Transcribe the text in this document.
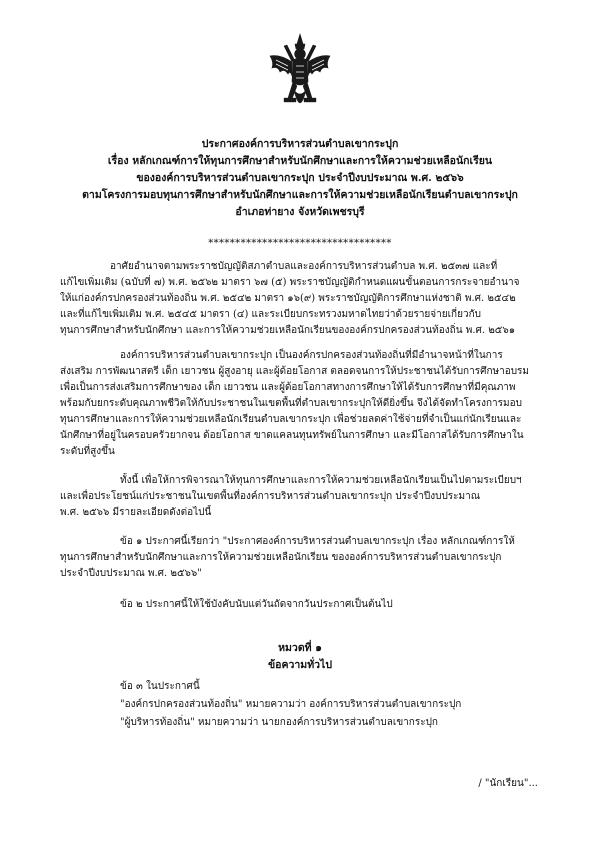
ประกาศองค์การบริหารส่วนตำบลเขากระปุก
เรื่อง หลักเกณฑ์การให้ทุนการศึกษาสำหรับนักศึกษาและการให้ความช่วยเหลือนักเรียน
ขององค์การบริหารส่วนตำบลเขากระปุก ประจำปีงบประมาณ พ.ศ. ๒๕๖๖
ตามโครงการมอบทุนการศึกษาสำหรับนักศึกษาและการให้ความช่วยเหลือนักเรียนตำบลเขากระปุก
อำเภอท่ายาง จังหวัดเพชรบุรี
**********************************
อาศัยอำนาจตามพระราชบัญญัติสภาตำบลและองค์การบริหารส่วนตำบล พ.ศ. ๒๕๓๗ และที่
แก้ไขเพิ่มเติม (ฉบับที่ ๗) พ.ศ. ๒๕๖๒ มาตรา ๖๗ (๕) พระราชบัญญัติกำหนดแผนขั้นตอนการกระจายอำนาจ
ให้แก่องค์กรปกครองส่วนท้องถิ่น พ.ศ. ๒๕๔๒ มาตรา ๑๖(๙) พระราชบัญญัติการศึกษาแห่งชาติ พ.ศ. ๒๕๔๒
และที่แก้ไขเพิ่มเติม พ.ศ. ๒๕๔๕ มาตรา (๔) และระเบียบกระทรวงมหาดไทยว่าด้วยรายจ่ายเกี่ยวกับ
ทุนการศึกษาสำหรับนักศึกษา และการให้ความช่วยเหลือนักเรียนขององค์กรปกครองส่วนท้องถิ่น พ.ศ. ๒๕๖๑
องค์การบริหารส่วนตำบลเขากระปุก เป็นองค์กรปกครองส่วนท้องถิ่นที่มีอำนาจหน้าที่ในการ
ส่งเสริม การพัฒนาสตรี เด็ก เยาวชน ผู้สูงอายุ และผู้ด้อยโอกาส ตลอดจนการให้ประชาชนได้รับการศึกษาอบรม
เพื่อเป็นการส่งเสริมการศึกษาของ เด็ก เยาวชน และผู้ด้อยโอกาสทางการศึกษาให้ได้รับการศึกษาที่มีคุณภาพ
พร้อมกับยกระดับคุณภาพชีวิตให้กับประชาชนในเขตพื้นที่ตำบลเขากระปุกให้ดียิ่งขึ้น จึงได้จัดทำโครงการมอบ
ทุนการศึกษาและการให้ความช่วยเหลือนักเรียนตำบลเขากระปุก เพื่อช่วยลดค่าใช้จ่ายที่จำเป็นแก่นักเรียนและ
นักศึกษาที่อยู่ในครอบครัวยากจน ด้อยโอกาส ขาดแคลนทุนทรัพย์ในการศึกษา และมีโอกาสได้รับการศึกษาใน
ระดับที่สูงขึ้น
ทั้งนี้ เพื่อให้การพิจารณาให้ทุนการศึกษาและการให้ความช่วยเหลือนักเรียนเป็นไปตามระเบียบฯ
และเพื่อประโยชน์แก่ประชาชนในเขตพื้นที่องค์การบริหารส่วนตำบลเขากระปุก ประจำปีงบประมาณ
พ.ศ. ๒๕๖๖ มีรายละเอียดดังต่อไปนี้
ข้อ ๑ ประกาศนี้เรียกว่า "ประกาศองค์การบริหารส่วนตำบลเขากระปุก เรื่อง หลักเกณฑ์การให้
ทุนการศึกษาสำหรับนักศึกษาและการให้ความช่วยเหลือนักเรียน ขององค์การบริหารส่วนตำบลเขากระปุก
ประจำปีงบประมาณ พ.ศ. ๒๕๖๖"
ข้อ ๒ ประกาศนี้ให้ใช้บังคับนับแต่วันถัดจากวันประกาศเป็นต้นไป
หมวดที่ ๑
ข้อความทั่วไป
ข้อ ๓ ในประกาศนี้
"องค์กรปกครองส่วนท้องถิ่น" หมายความว่า องค์การบริหารส่วนตำบลเขากระปุก
"ผู้บริหารท้องถิ่น" หมายความว่า นายกองค์การบริหารส่วนตำบลเขากระปุก
/ "นักเรียน"...
